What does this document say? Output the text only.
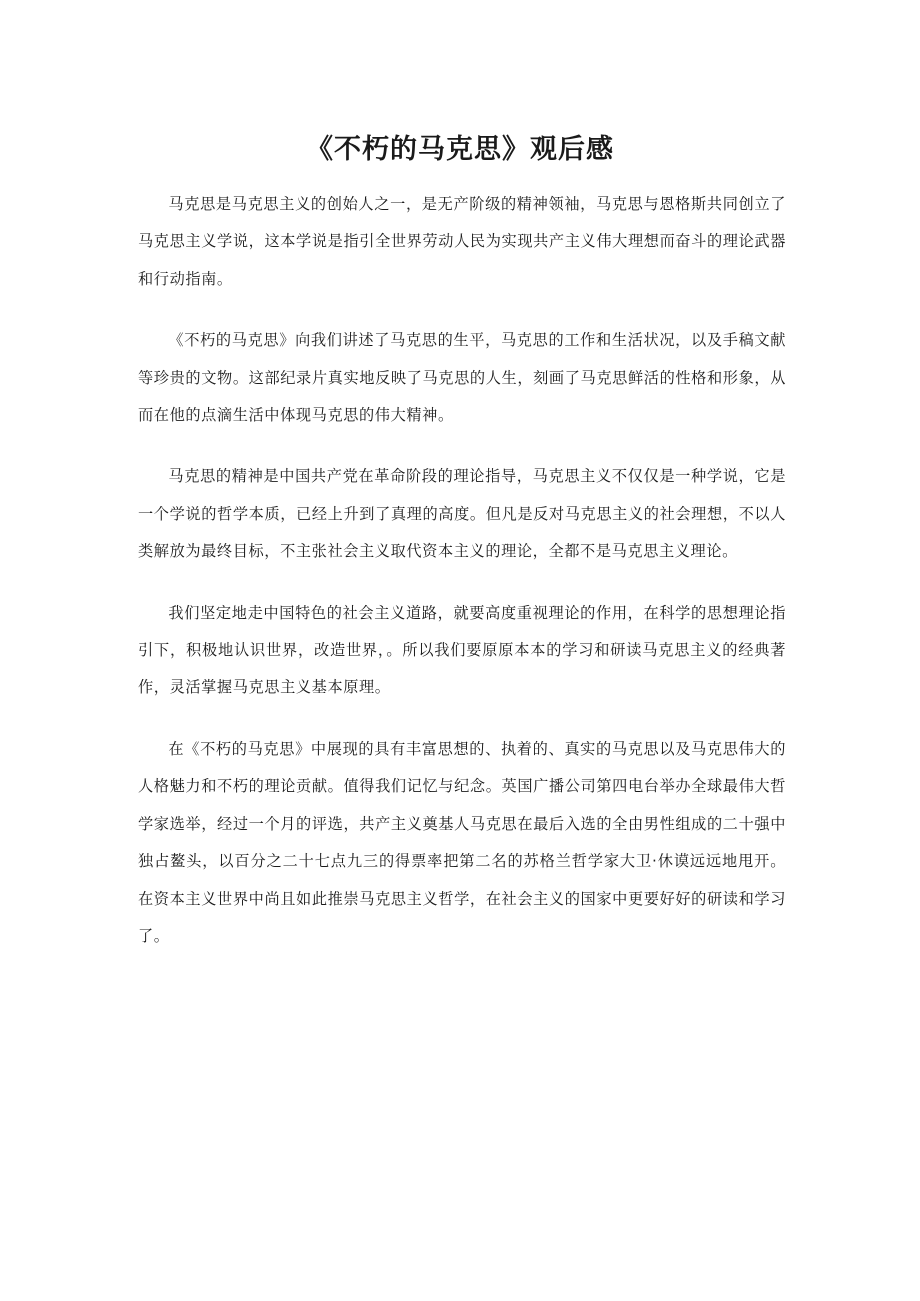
《不朽的马克思》观后感

马克思是马克思主义的创始人之一，是无产阶级的精神领袖，马克思与恩格斯共同创立了马克思主义学说，这本学说是指引全世界劳动人民为实现共产主义伟大理想而奋斗的理论武器和行动指南。

《不朽的马克思》向我们讲述了马克思的生平，马克思的工作和生活状况，以及手稿文献等珍贵的文物。这部纪录片真实地反映了马克思的人生，刻画了马克思鲜活的性格和形象，从而在他的点滴生活中体现马克思的伟大精神。

马克思的精神是中国共产党在革命阶段的理论指导，马克思主义不仅仅是一种学说，它是一个学说的哲学本质，已经上升到了真理的高度。但凡是反对马克思主义的社会理想，不以人类解放为最终目标，不主张社会主义取代资本主义的理论，全都不是马克思主义理论。

我们坚定地走中国特色的社会主义道路，就要高度重视理论的作用，在科学的思想理论指引下，积极地认识世界，改造世界，。所以我们要原原本本的学习和研读马克思主义的经典著作，灵活掌握马克思主义基本原理。

在《不朽的马克思》中展现的具有丰富思想的、执着的、真实的马克思以及马克思伟大的人格魅力和不朽的理论贡献。值得我们记忆与纪念。英国广播公司第四电台举办全球最伟大哲学家选举，经过一个月的评选，共产主义奠基人马克思在最后入选的全由男性组成的二十强中独占鳌头，以百分之二十七点九三的得票率把第二名的苏格兰哲学家大卫·休谟远远地甩开。在资本主义世界中尚且如此推崇马克思主义哲学，在社会主义的国家中更要好好的研读和学习了。
